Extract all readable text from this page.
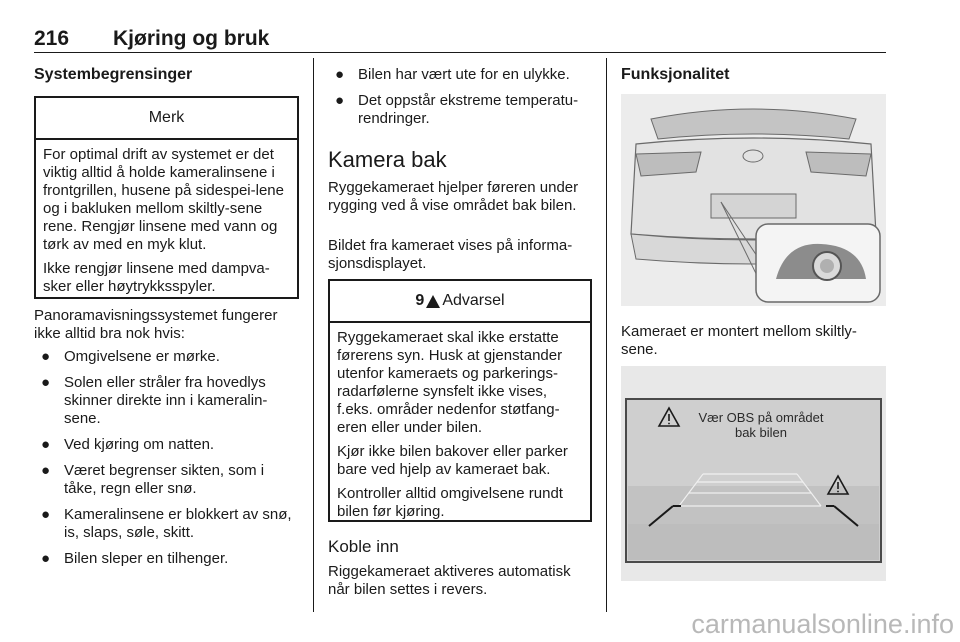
216 Kjøring og bruk
Systembegrensinger
Merk

For optimal drift av systemet er det viktig alltid å holde kameralinsene i frontgrillen, husene på sidespei-lene og i bakluken mellom skiltly-sene rene. Rengjør linsene med vann og tørk av med en myk klut.

Ikke rengjør linsene med dampva-sker eller høytrykksspyler.

Panoramavisningssystemet fungerer ikke alltid bra nok hvis:
● Omgivelsene er mørke.
● Solen eller stråler fra hovedlys skinner direkte inn i kameralin-sene.
● Ved kjøring om natten.
● Været begrenser sikten, som i tåke, regn eller snø.
● Kameralinsene er blokkert av snø, is, slaps, søle, skitt.
● Bilen sleper en tilhenger.
● Bilen har vært ute for en ulykke.
● Det oppstår ekstreme temperatu-rendringer.
Kamera bak
Ryggekameraet hjelper føreren under rygging ved å vise området bak bilen.
Bildet fra kameraet vises på informa-sjonsdisplayet.
9 Advarsel

Ryggekameraet skal ikke erstatte førerens syn. Husk at gjenstander utenfor kameraets og parkerings-radarfølerne synsfelt ikke vises, f.eks. områder nedenfor støtfang-eren eller under bilen.

Kjør ikke bilen bakover eller parker bare ved hjelp av kameraet bak.

Kontroller alltid omgivelsene rundt bilen før kjøring.

Koble inn
Riggekameraet aktiveres automatisk når bilen settes i revers.
Funksjonalitet
Kameraet er montert mellom skiltly-sene.
Vær OBS på området
bak bilen
carmanualsonline.info
